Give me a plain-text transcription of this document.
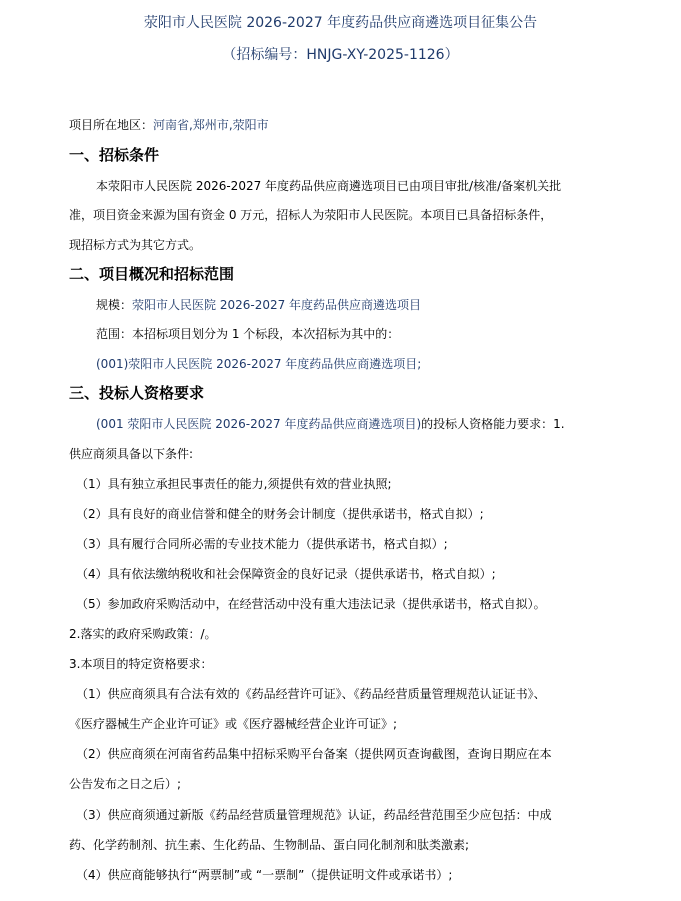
荥阳市人民医院 2026-2027 年度药品供应商遴选项目征集公告
（招标编号：HNJG-XY-2025-1126）
项目所在地区：河南省,郑州市,荥阳市
一、招标条件
本荥阳市人民医院 2026-2027 年度药品供应商遴选项目已由项目审批/核准/备案机关批
准，项目资金来源为国有资金 0 万元，招标人为荥阳市人民医院。本项目已具备招标条件，
现招标方式为其它方式。
二、项目概况和招标范围
规模：荥阳市人民医院 2026-2027 年度药品供应商遴选项目
范围：本招标项目划分为 1 个标段，本次招标为其中的：
(001)荥阳市人民医院 2026-2027 年度药品供应商遴选项目;
三、投标人资格要求
(001 荥阳市人民医院 2026-2027 年度药品供应商遴选项目)的投标人资格能力要求：1.
供应商须具备以下条件:
（1）具有独立承担民事责任的能力,须提供有效的营业执照;
（2）具有良好的商业信誉和健全的财务会计制度（提供承诺书，格式自拟）;
（3）具有履行合同所必需的专业技术能力（提供承诺书，格式自拟）;
（4）具有依法缴纳税收和社会保障资金的良好记录（提供承诺书，格式自拟）;
（5）参加政府采购活动中，在经营活动中没有重大违法记录（提供承诺书，格式自拟）。
2.落实的政府采购政策：/。
3.本项目的特定资格要求：
（1）供应商须具有合法有效的《药品经营许可证》、《药品经营质量管理规范认证证书》、
《医疗器械生产企业许可证》或《医疗器械经营企业许可证》;
（2）供应商须在河南省药品集中招标采购平台备案（提供网页查询截图，查询日期应在本
公告发布之日之后）;
（3）供应商须通过新版《药品经营质量管理规范》认证，药品经营范围至少应包括：中成
药、化学药制剂、抗生素、生化药品、生物制品、蛋白同化制剂和肽类激素;
（4）供应商能够执行“两票制”或 “一票制”（提供证明文件或承诺书）;
